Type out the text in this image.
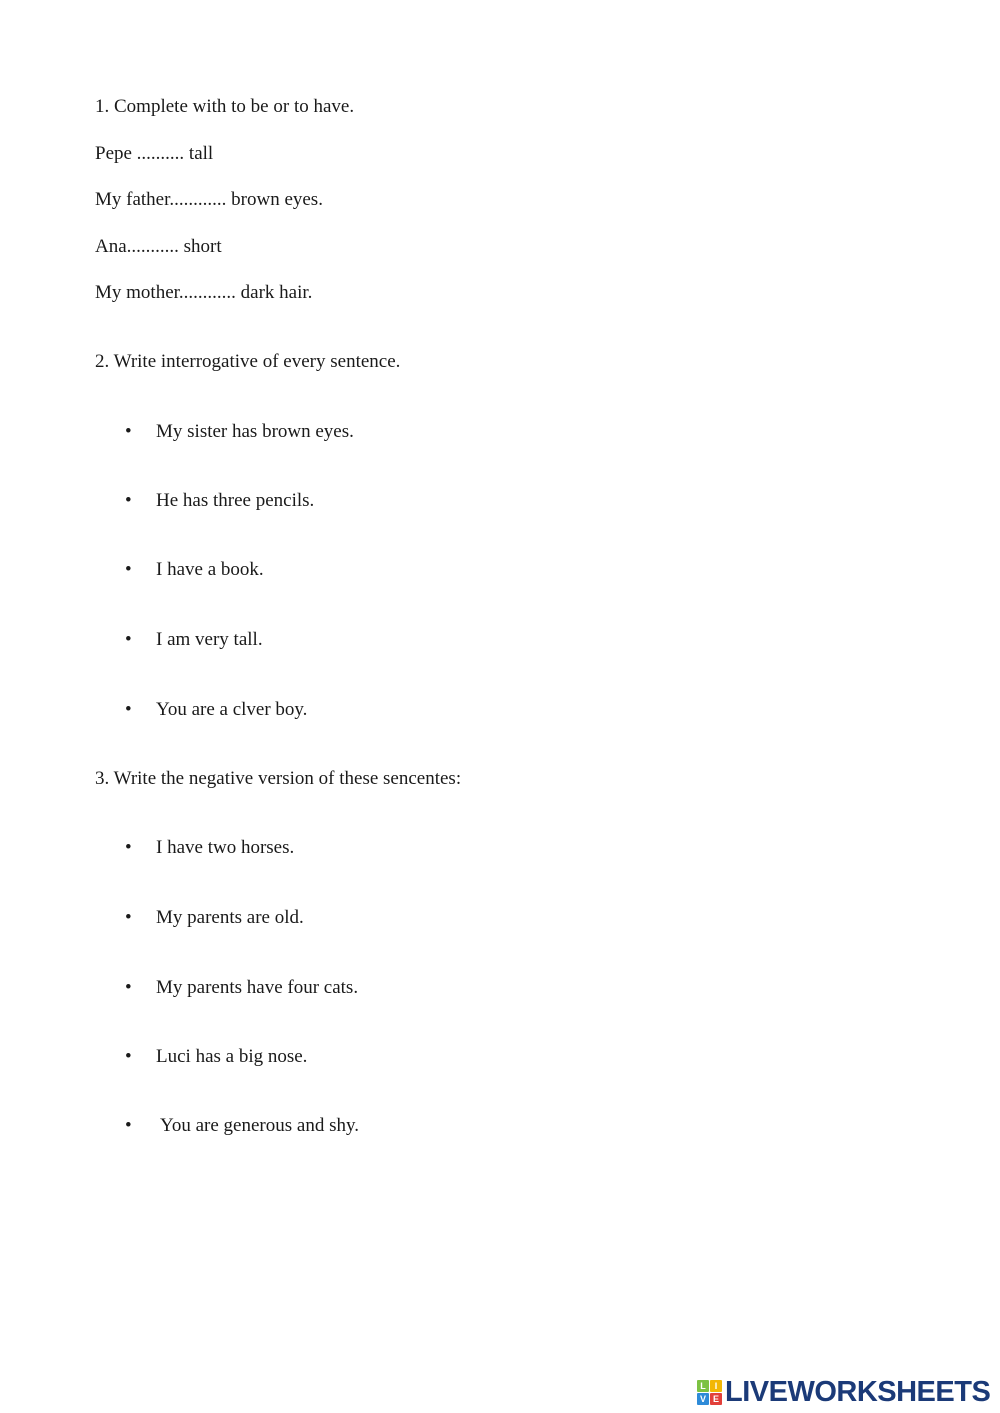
1. Complete with to be or to have.
Pepe .......... tall
My father............ brown eyes.
Ana........... short
My mother............ dark hair.
2. Write interrogative of every sentence.
• My sister has brown eyes.
• He has three pencils.
• I have a book.
• I am very tall.
• You are a clver boy.
3. Write the negative version of these sencentes:
• I have two horses.
• My parents are old.
• My parents have four cats.
• Luci has a big nose.
• You are generous and shy.
L I
V E LIVEWORKSHEETS
